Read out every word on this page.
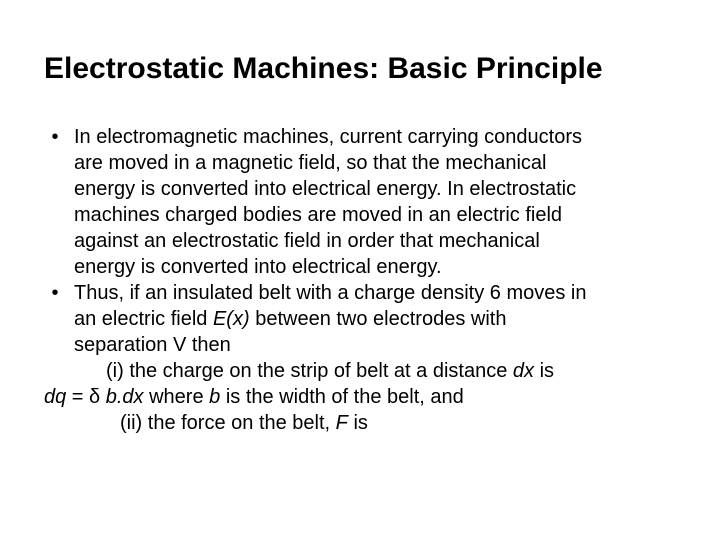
Electrostatic Machines: Basic Principle
• In electromagnetic machines, current carrying conductors
are moved in a magnetic field, so that the mechanical
energy is converted into electrical energy. In electrostatic
machines charged bodies are moved in an electric field
against an electrostatic field in order that mechanical
energy is converted into electrical energy.
• Thus, if an insulated belt with a charge density 6 moves in
an electric field E(x) between two electrodes with
separation V then
(i) the charge on the strip of belt at a distance dx is
dq = δ b.dx where b is the width of the belt, and
(ii) the force on the belt, F is
